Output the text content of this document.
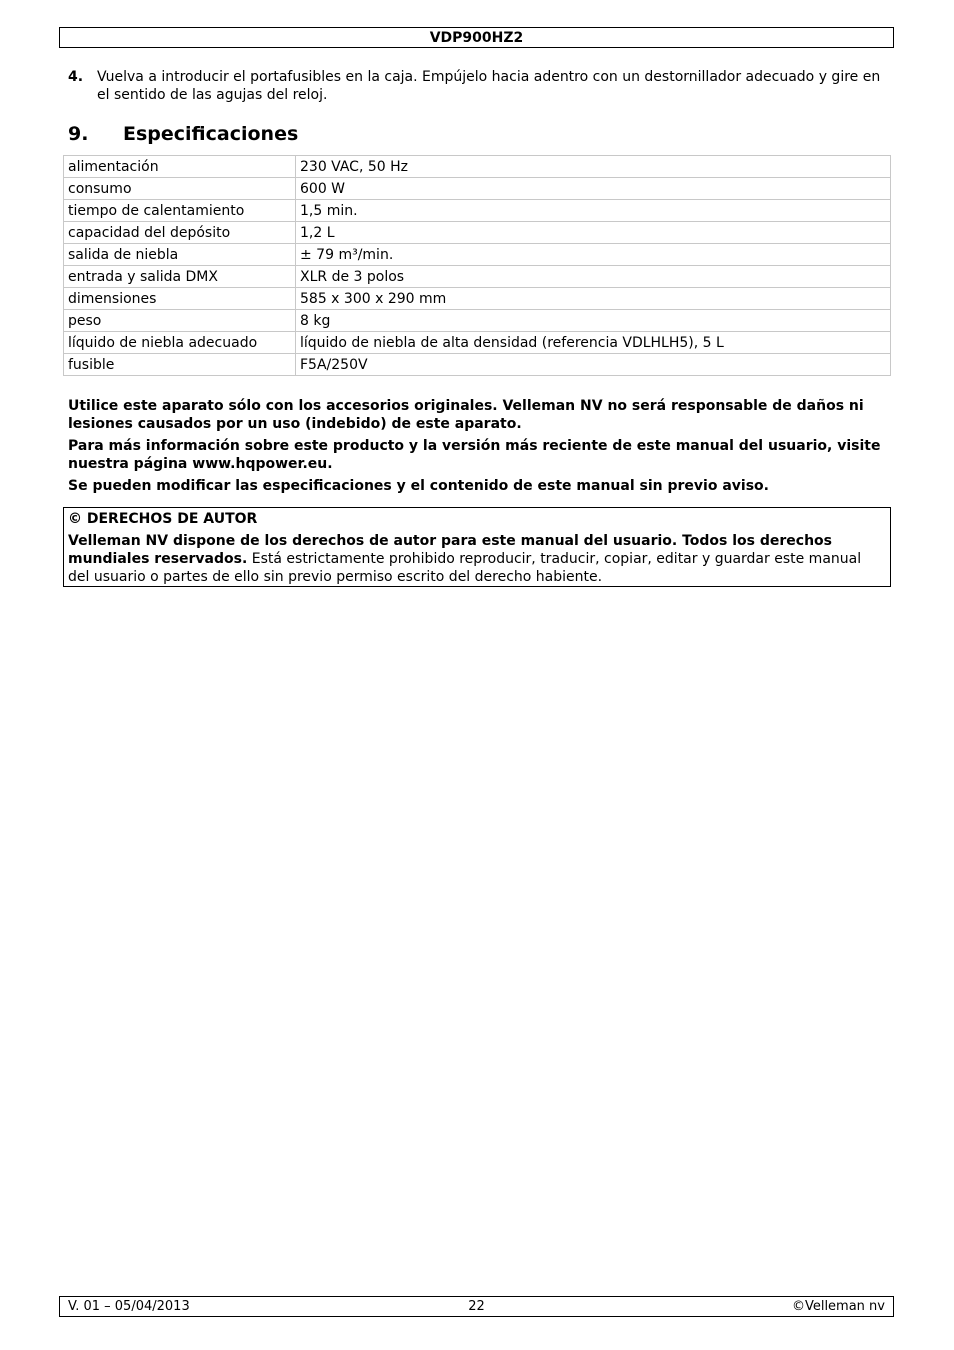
VDP900HZ2
4. Vuelva a introducir el portafusibles en la caja. Empújelo hacia adentro con un destornillador adecuado y gire en el sentido de las agujas del reloj.
9.	Especificaciones
alimentación	230 VAC, 50 Hz
consumo	600 W
tiempo de calentamiento	1,5 min.
capacidad del depósito	1,2 L
salida de niebla	± 79 m³/min.
entrada y salida DMX	XLR de 3 polos
dimensiones	585 x 300 x 290 mm
peso	8 kg
líquido de niebla adecuado	líquido de niebla de alta densidad (referencia VDLHLH5), 5 L
fusible	F5A/250V

Utilice este aparato sólo con los accesorios originales. Velleman NV no será responsable de daños ni lesiones causados por un uso (indebido) de este aparato.

Para más información sobre este producto y la versión más reciente de este manual del usuario, visite nuestra página www.hqpower.eu.

Se pueden modificar las especificaciones y el contenido de este manual sin previo aviso.

© DERECHOS DE AUTOR
Velleman NV dispone de los derechos de autor para este manual del usuario. Todos los derechos mundiales reservados. Está estrictamente prohibido reproducir, traducir, copiar, editar y guardar este manual del usuario o partes de ello sin previo permiso escrito del derecho habiente.
V. 01 – 05/04/2013	22	©Velleman nv
